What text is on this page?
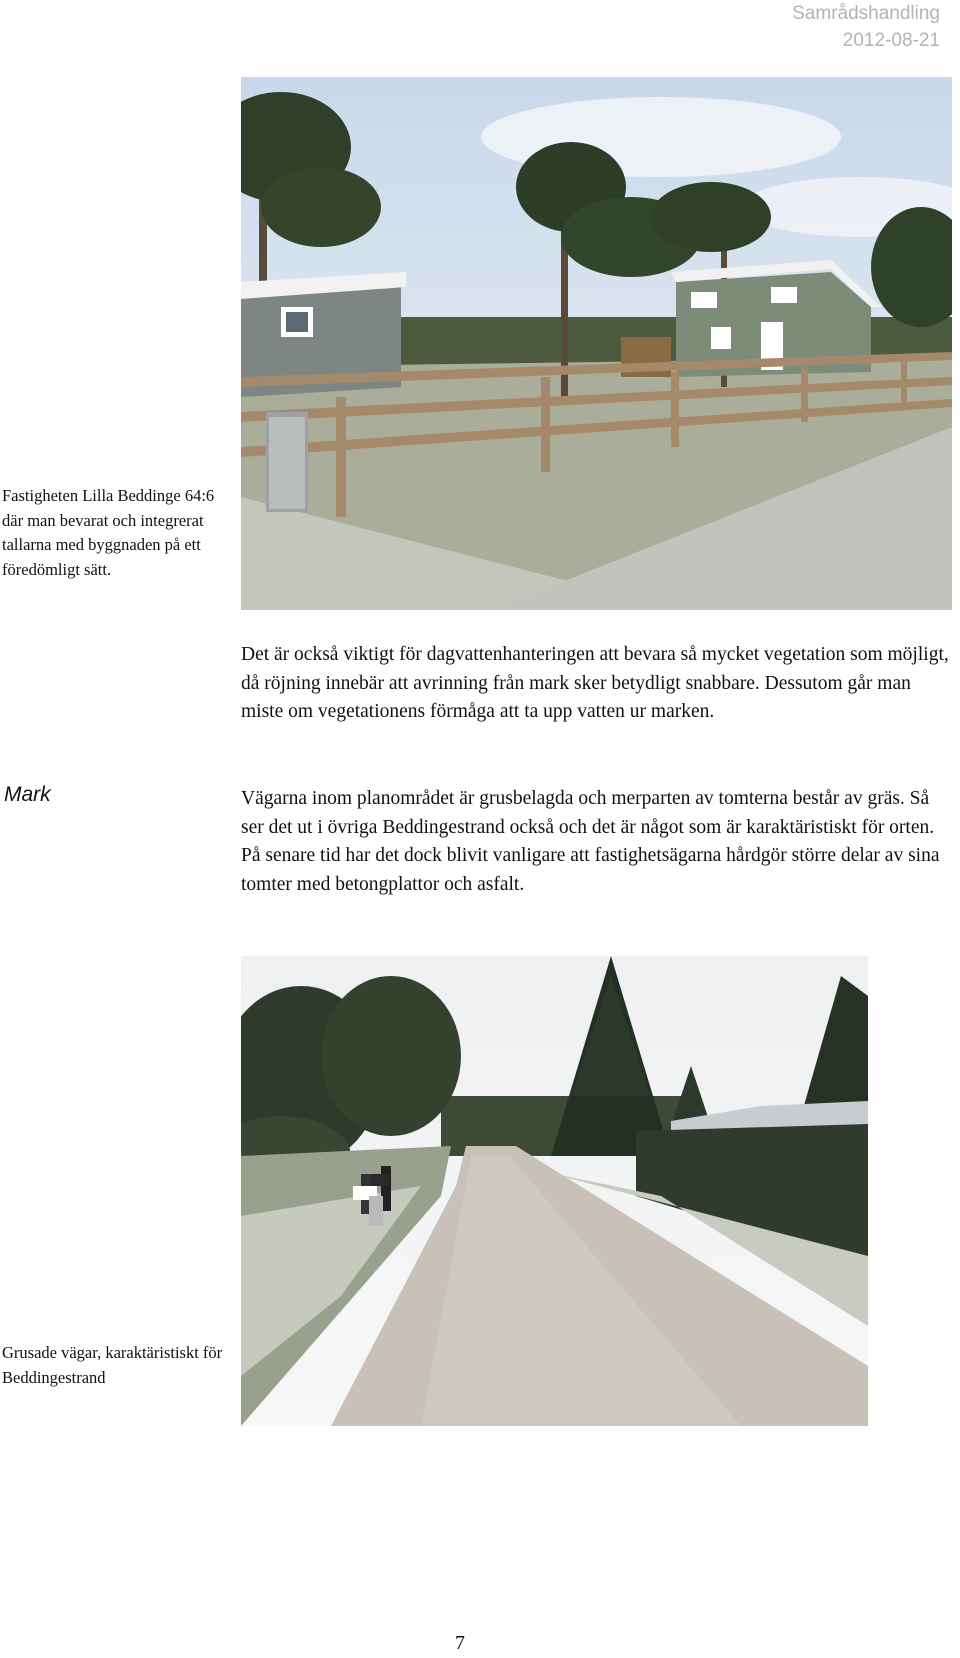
Samrådshandling
2012-08-21
Fastigheten Lilla Beddinge 64:6 där man bevarat och integrerat tallarna med byggnaden på ett föredömligt sätt.

Det är också viktigt för dagvattenhanteringen att bevara så mycket vegetation som möjligt, då röjning innebär att avrinning från mark sker betydligt snabbare. Dessutom går man miste om vegetationens förmåga att ta upp vatten ur marken.

Mark	Vägarna inom planområdet är grusbelagda och merparten av tomterna består av gräs. Så ser det ut i övriga Beddingestrand också och det är något som är karaktäristiskt för orten. På senare tid har det dock blivit vanligare att fastighetsägarna hårdgör större delar av sina tomter med betongplattor och asfalt.

Grusade vägar, karaktäristiskt för Beddingestrand
7
